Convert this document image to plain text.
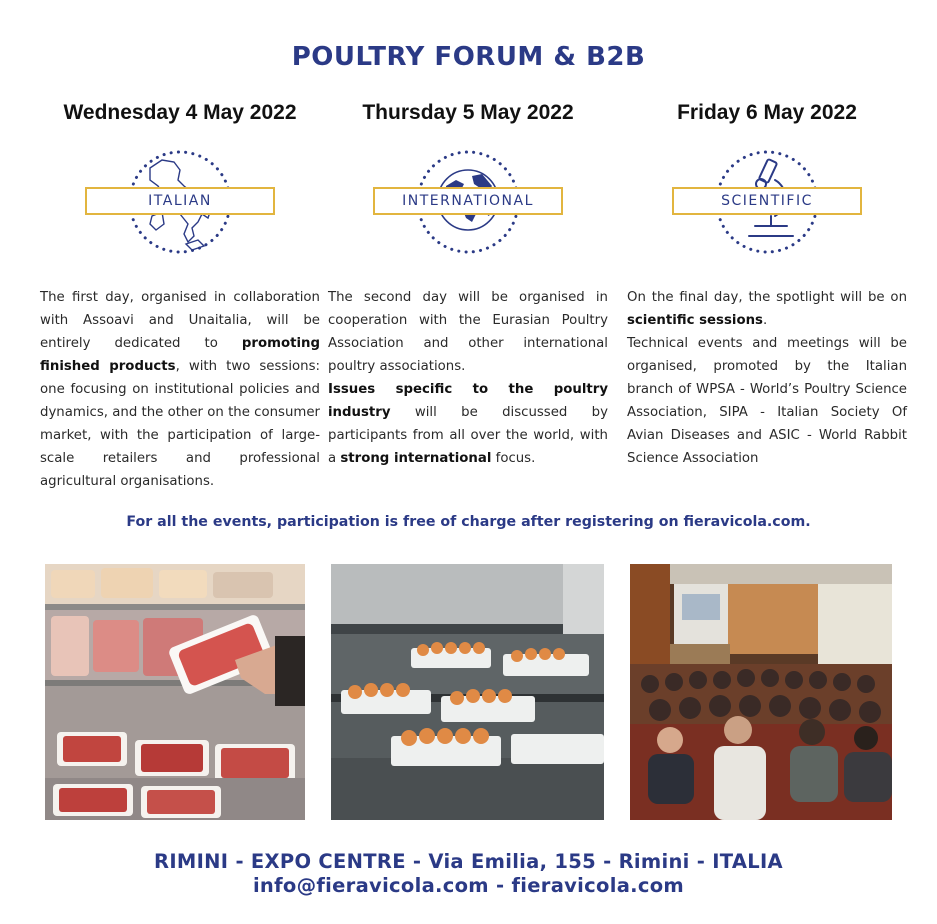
POULTRY FORUM & B2B
Wednesday 4 May 2022
ITALIAN

The first day, organised in collaboration with Assoavi and Unaitalia, will be entirely dedicated to promoting finished products, with two sessions: one focusing on institutional policies and dynamics, and the other on the consumer market, with the participation of large-scale retailers and professional agricultural organisations.

Thursday 5 May 2022
INTERNATIONAL

The second day will be organised in cooperation with the Eurasian Poultry Association and other international poultry associations.

Issues specific to the poultry industry will be discussed by participants from all over the world, with a strong international focus.

Friday 6 May 2022
SCIENTIFIC

On the final day, the spotlight will be on scientific sessions.

Technical events and meetings will be organised, promoted by the Italian branch of WPSA - World’s Poultry Science Association, SIPA - Italian Society Of Avian Diseases and ASIC - World Rabbit Science Association

For all the events, participation is free of charge after registering on fieravicola.com.
RIMINI - EXPO CENTRE - Via Emilia, 155 - Rimini - ITALIA
info@fieravicola.com - fieravicola.com
